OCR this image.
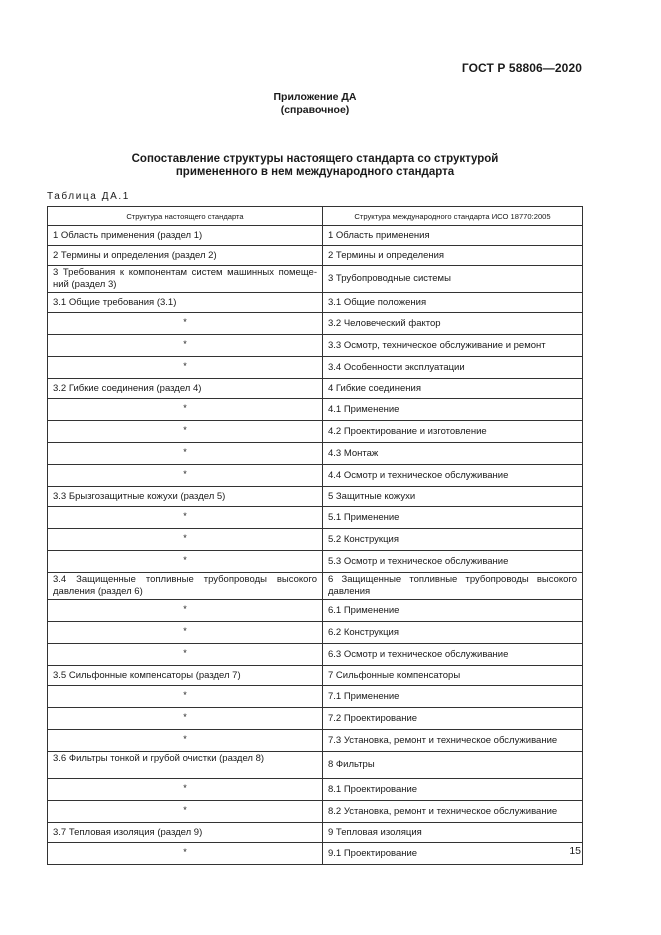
ГОСТ Р 58806—2020
Приложение ДА
(справочное)
Сопоставление структуры настоящего стандарта со структурой
примененного в нем международного стандарта
Таблица ДА.1
Структура настоящего стандарта	Структура международного стандарта ИСО 18770:2005
1 Область применения (раздел 1)	1 Область применения
2 Термины и определения (раздел 2)	2 Термины и определения
3 Требования к компонентам систем машинных помеще-ний (раздел 3)	3 Трубопроводные системы
3.1 Общие требования (3.1)	3.1 Общие положения
*	3.2 Человеческий фактор
*	3.3 Осмотр, техническое обслуживание и ремонт
*	3.4 Особенности эксплуатации
3.2 Гибкие соединения (раздел 4)	4 Гибкие соединения
*	4.1 Применение
*	4.2 Проектирование и изготовление
*	4.3 Монтаж
*	4.4 Осмотр и техническое обслуживание
3.3 Брызгозащитные кожухи (раздел 5)	5 Защитные кожухи
*	5.1 Применение
*	5.2 Конструкция
*	5.3 Осмотр и техническое обслуживание
3.4 Защищенные топливные трубопроводы высокого давления (раздел 6)	6 Защищенные топливные трубопроводы высокого давления
*	6.1 Применение
*	6.2 Конструкция
*	6.3 Осмотр и техническое обслуживание
3.5 Сильфонные компенсаторы (раздел 7)	7 Сильфонные компенсаторы
*	7.1 Применение
*	7.2 Проектирование
*	7.3 Установка, ремонт и техническое обслуживание
3.6 Фильтры тонкой и грубой очистки (раздел 8)	8 Фильтры
*	8.1 Проектирование
*	8.2 Установка, ремонт и техническое обслуживание
3.7 Тепловая изоляция (раздел 9)	9 Тепловая изоляция
*	9.1 Проектирование	15
